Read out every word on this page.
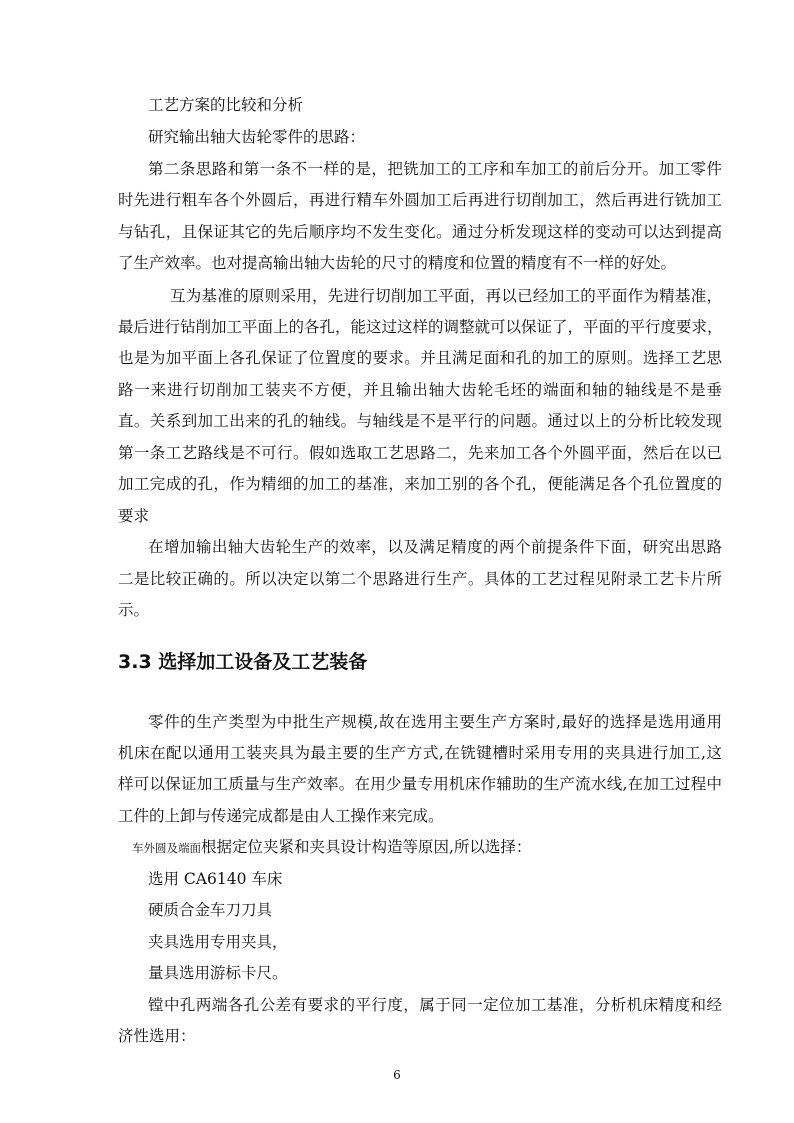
工艺方案的比较和分析
研究输出轴大齿轮零件的思路：
第二条思路和第一条不一样的是，把铣加工的工序和车加工的前后分开。加工零件
时先进行粗车各个外圆后，再进行精车外圆加工后再进行切削加工，然后再进行铣加工
与钻孔，且保证其它的先后顺序均不发生变化。通过分析发现这样的变动可以达到提高
了生产效率。也对提高输出轴大齿轮的尺寸的精度和位置的精度有不一样的好处。
互为基准的原则采用，先进行切削加工平面，再以已经加工的平面作为精基准，
最后进行钻削加工平面上的各孔，能这过这样的调整就可以保证了，平面的平行度要求，
也是为加平面上各孔保证了位置度的要求。并且满足面和孔的加工的原则。选择工艺思
路一来进行切削加工装夹不方便，并且输出轴大齿轮毛坯的端面和轴的轴线是不是垂
直。关系到加工出来的孔的轴线。与轴线是不是平行的问题。通过以上的分析比较发现
第一条工艺路线是不可行。假如选取工艺思路二，先来加工各个外圆平面，然后在以已
加工完成的孔，作为精细的加工的基准，来加工别的各个孔，便能满足各个孔位置度的
要求
在增加输出轴大齿轮生产的效率，以及满足精度的两个前提条件下面，研究出思路
二是比较正确的。所以决定以第二个思路进行生产。具体的工艺过程见附录工艺卡片所
示。
3.3 选择加工设备及工艺装备
零件的生产类型为中批生产规模,故在选用主要生产方案时,最好的选择是选用通用
机床在配以通用工装夹具为最主要的生产方式,在铣键槽时采用专用的夹具进行加工,这
样可以保证加工质量与生产效率。在用少量专用机床作辅助的生产流水线,在加工过程中
工件的上卸与传递完成都是由人工操作来完成。
车外圆及端面根据定位夹紧和夹具设计构造等原因,所以选择：
选用 CA6140 车床
硬质合金车刀刀具
夹具选用专用夹具，
量具选用游标卡尺。
镗中孔两端各孔公差有要求的平行度，属于同一定位加工基准，分析机床精度和经
济性选用：
6
